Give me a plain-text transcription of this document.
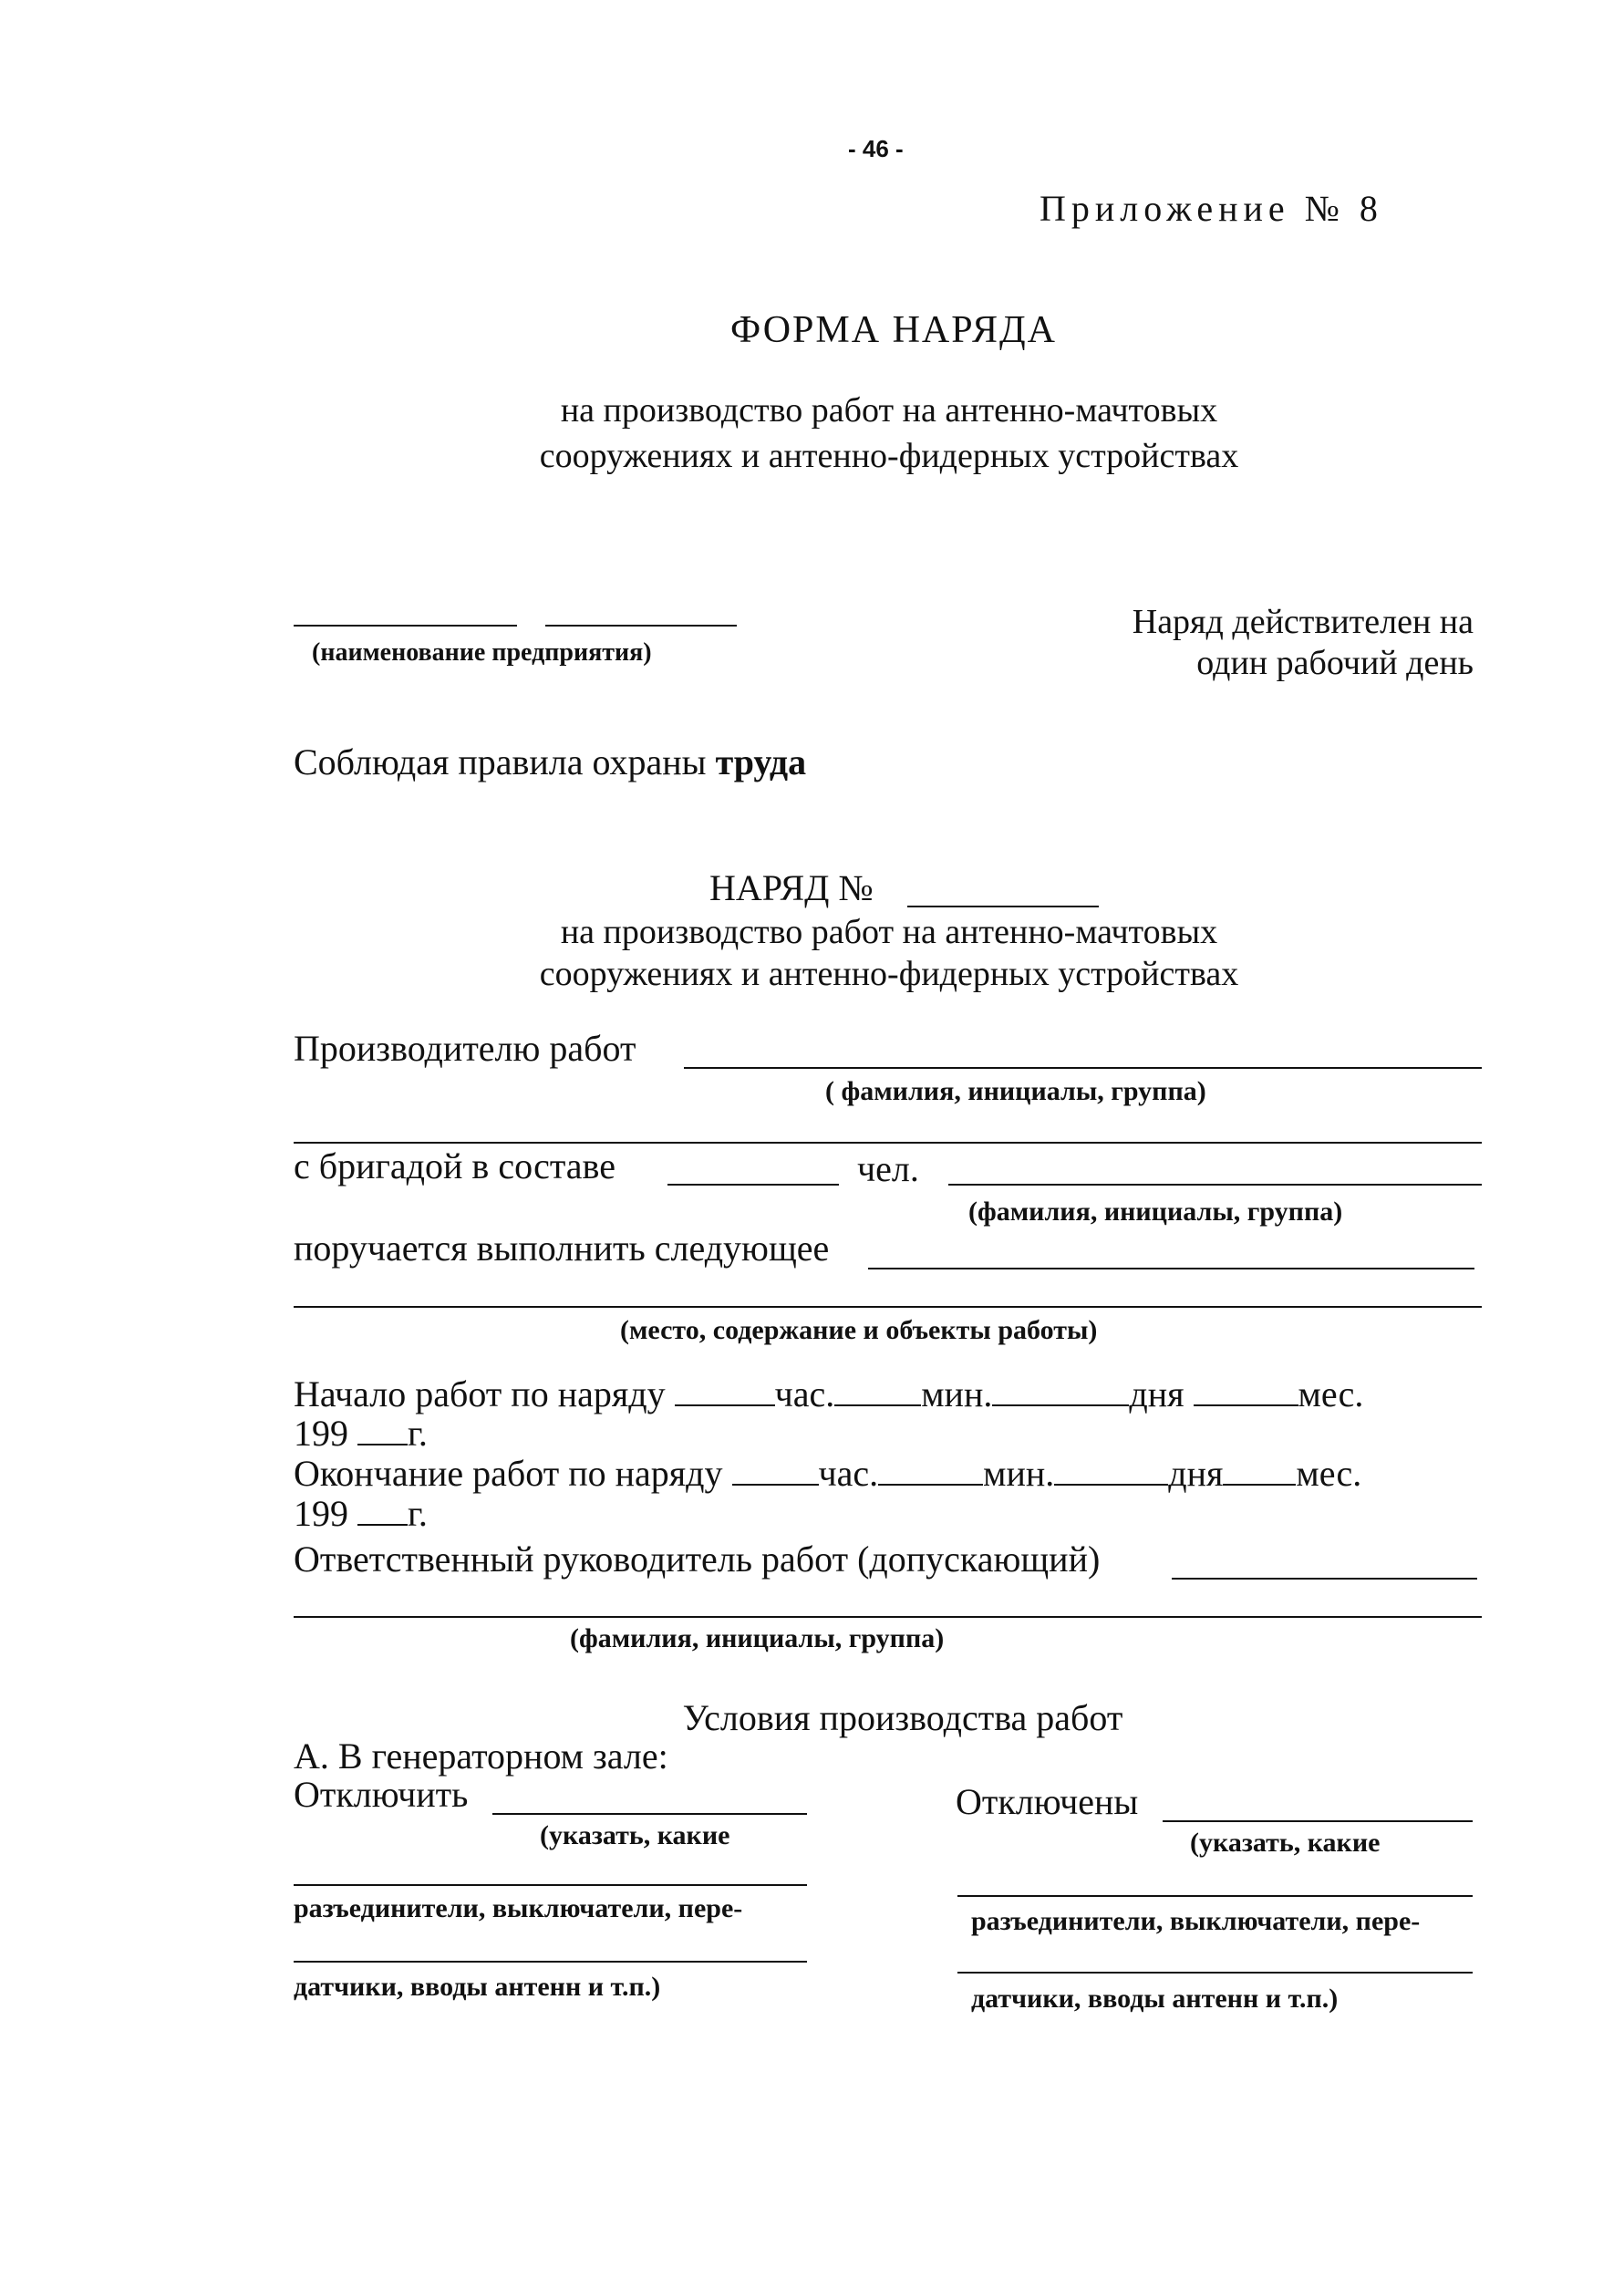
- 46 -
Приложение № 8
ФОРМА НАРЯДА
на производство работ на антенно-мачтовых
сооружениях и антенно-фидерных устройствах
(наименование предприятия)
Наряд действителен на
один рабочий день
Соблюдая правила охраны труда
НАРЯД №
на производство работ на антенно-мачтовых
сооружениях и антенно-фидерных устройствах
Производителю работ
( фамилия, инициалы, группа)
с бригадой в составе	чел.
(фамилия, инициалы, группа)
поручается выполнить следующее
(место, содержание и объекты работы)
Начало работ по наряду	час. мин.	дня	мес.
199 г.
Окончание работ по наряду	час.	мин.	дня мес.
199 г.
Ответственный руководитель работ (допускающий)
(фамилия, инициалы, группа)
Условия производства работ
А. В генераторном зале:
Отключить
(указать, какие
разъединители, выключатели, пере-
датчики, вводы антенн и т.п.)
Отключены
(указать, какие
разъединители, выключатели, пере-
датчики, вводы антенн и т.п.)
